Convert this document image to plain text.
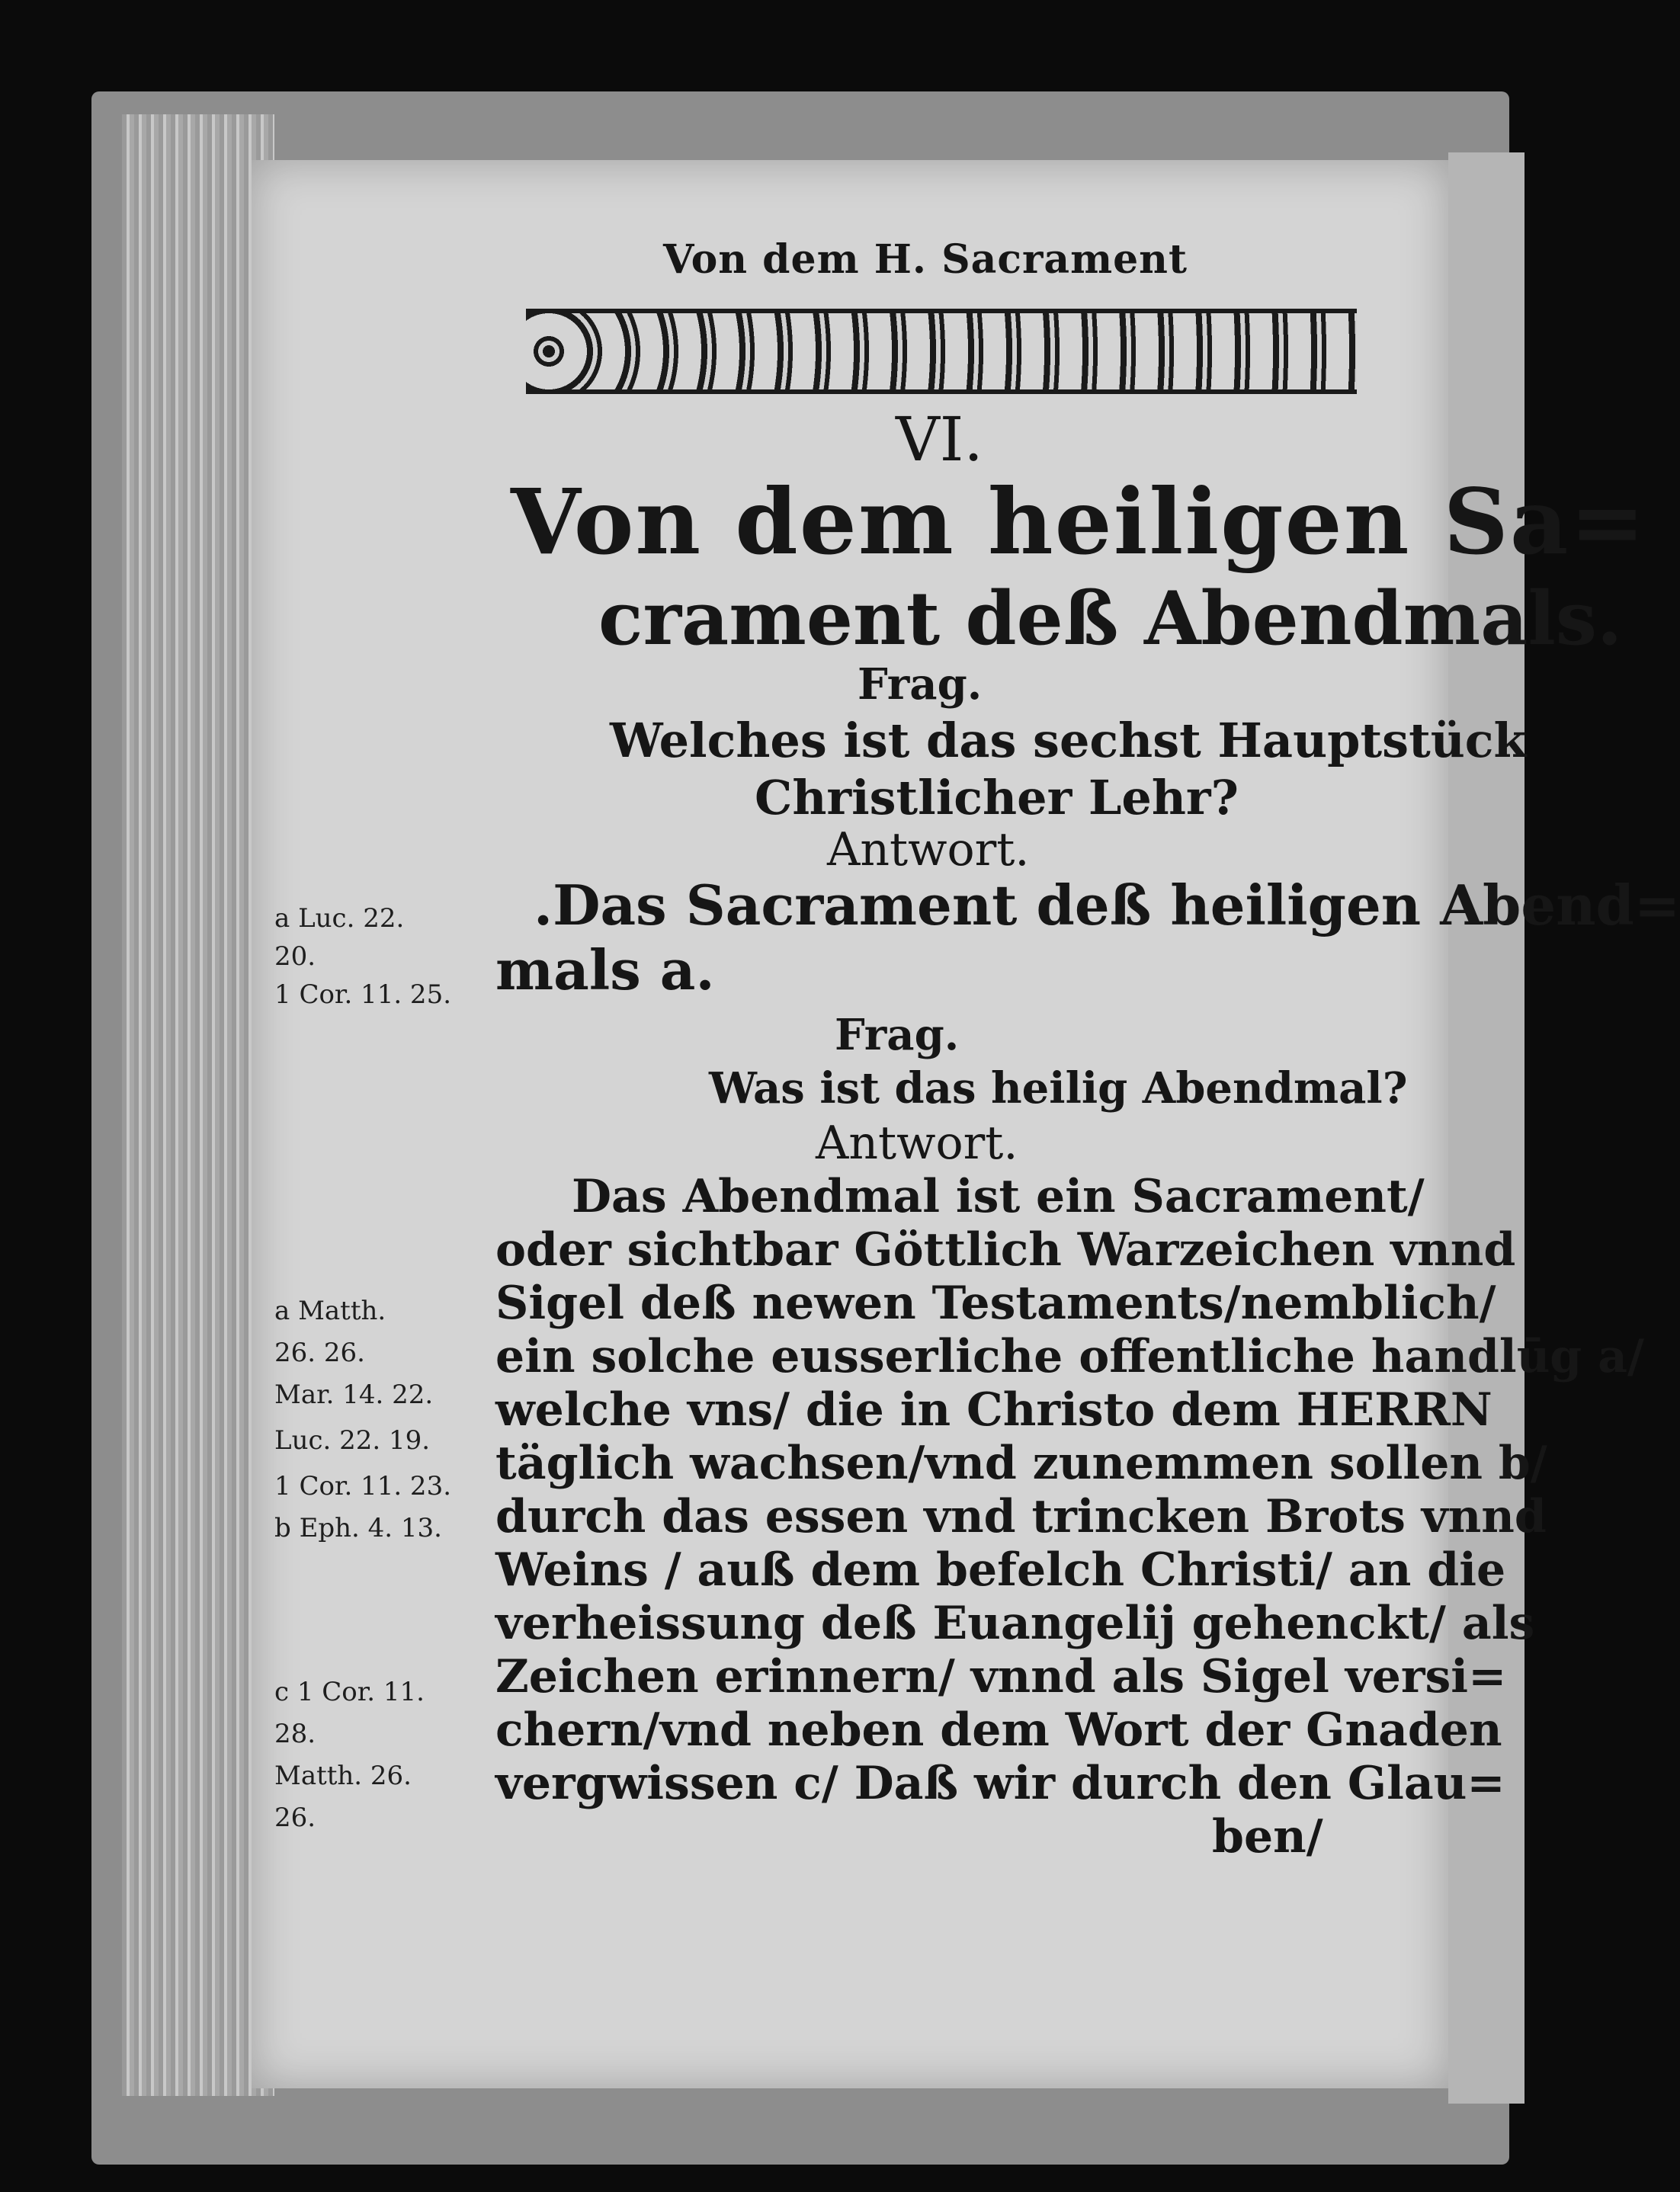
Von dem H. Sacrament

VI.

Von dem heiligen Sa=

crament deß Abendmals.

Frag.

Welches ist das sechst Hauptstück

Christlicher Lehr?

Antwort.

.Das Sacrament deß heiligen Abend=

mals a.

Frag.

Was ist das heilig Abendmal?

Antwort.

Das Abendmal ist ein Sacrament/

oder sichtbar Göttlich Warzeichen vnnd

Sigel deß newen Testaments/nemblich/

ein solche eusserliche offentliche handlūg a/

welche vns/ die in Christo dem HERRN

täglich wachsen/vnd zunemmen sollen b/

durch das essen vnd trincken Brots vnnd

Weins / auß dem befelch Christi/ an die

verheissung deß Euangelij gehenckt/ als

Zeichen erinnern/ vnnd als Sigel versi=

chern/vnd neben dem Wort der Gnaden

vergwissen c/ Daß wir durch den Glau=

ben/

a Luc. 22.

20.

1 Cor. 11. 25.

a Matth.

26. 26.

Mar. 14. 22.

Luc. 22. 19.

1 Cor. 11. 23.

b Eph. 4. 13.

c 1 Cor. 11.

28.

Matth. 26.

26.
